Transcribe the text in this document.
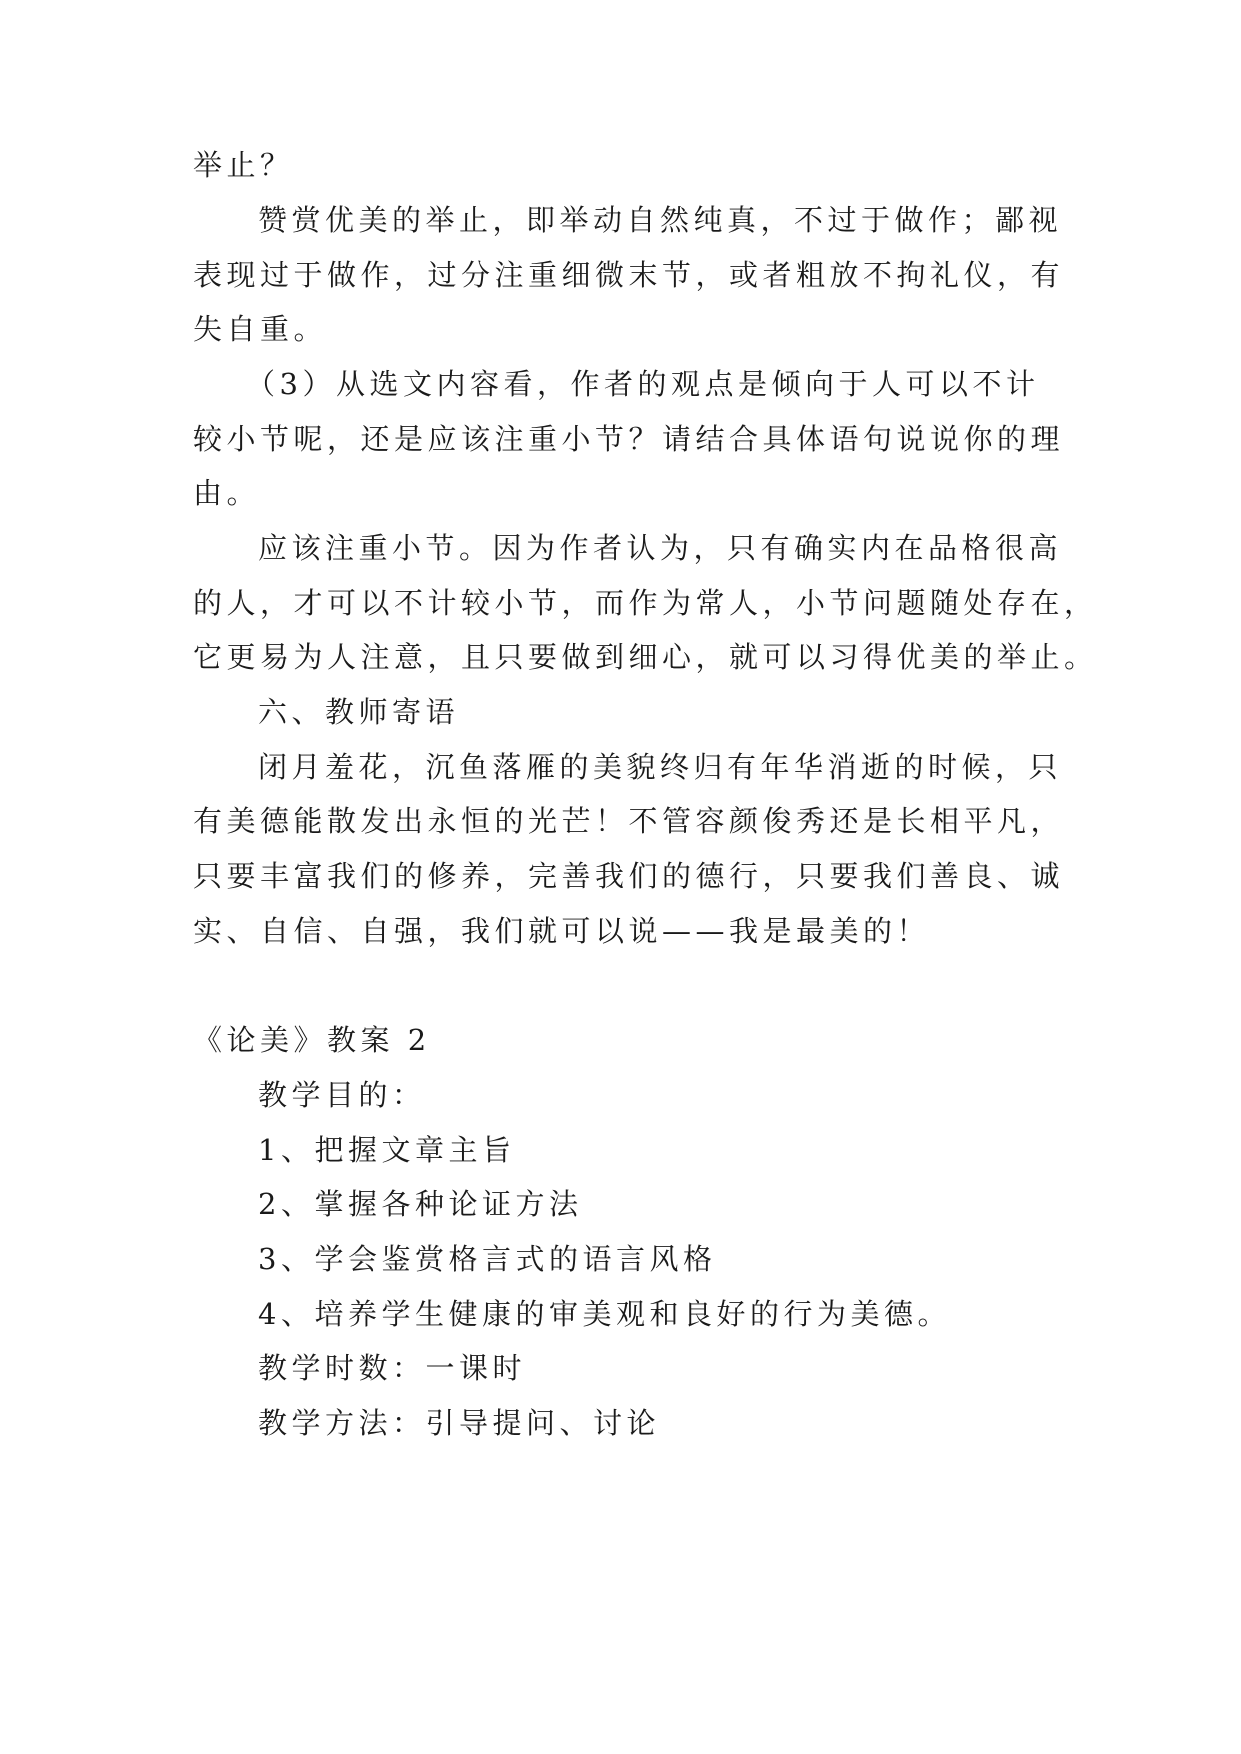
举止？
赞赏优美的举止，即举动自然纯真，不过于做作；鄙视
表现过于做作，过分注重细微末节，或者粗放不拘礼仪，有
失自重。
（3）从选文内容看，作者的观点是倾向于人可以不计
较小节呢，还是应该注重小节？请结合具体语句说说你的理
由。
应该注重小节。因为作者认为，只有确实内在品格很高
的人，才可以不计较小节，而作为常人，小节问题随处存在，
它更易为人注意，且只要做到细心，就可以习得优美的举止。
六、教师寄语
闭月羞花，沉鱼落雁的美貌终归有年华消逝的时候，只
有美德能散发出永恒的光芒！不管容颜俊秀还是长相平凡，
只要丰富我们的修养，完善我们的德行，只要我们善良、诚
实、自信、自强，我们就可以说——我是最美的！
《论美》教案 2
教学目的：
1、把握文章主旨
2、掌握各种论证方法
3、学会鉴赏格言式的语言风格
4、培养学生健康的审美观和良好的行为美德。
教学时数：一课时
教学方法：引导提问、讨论
